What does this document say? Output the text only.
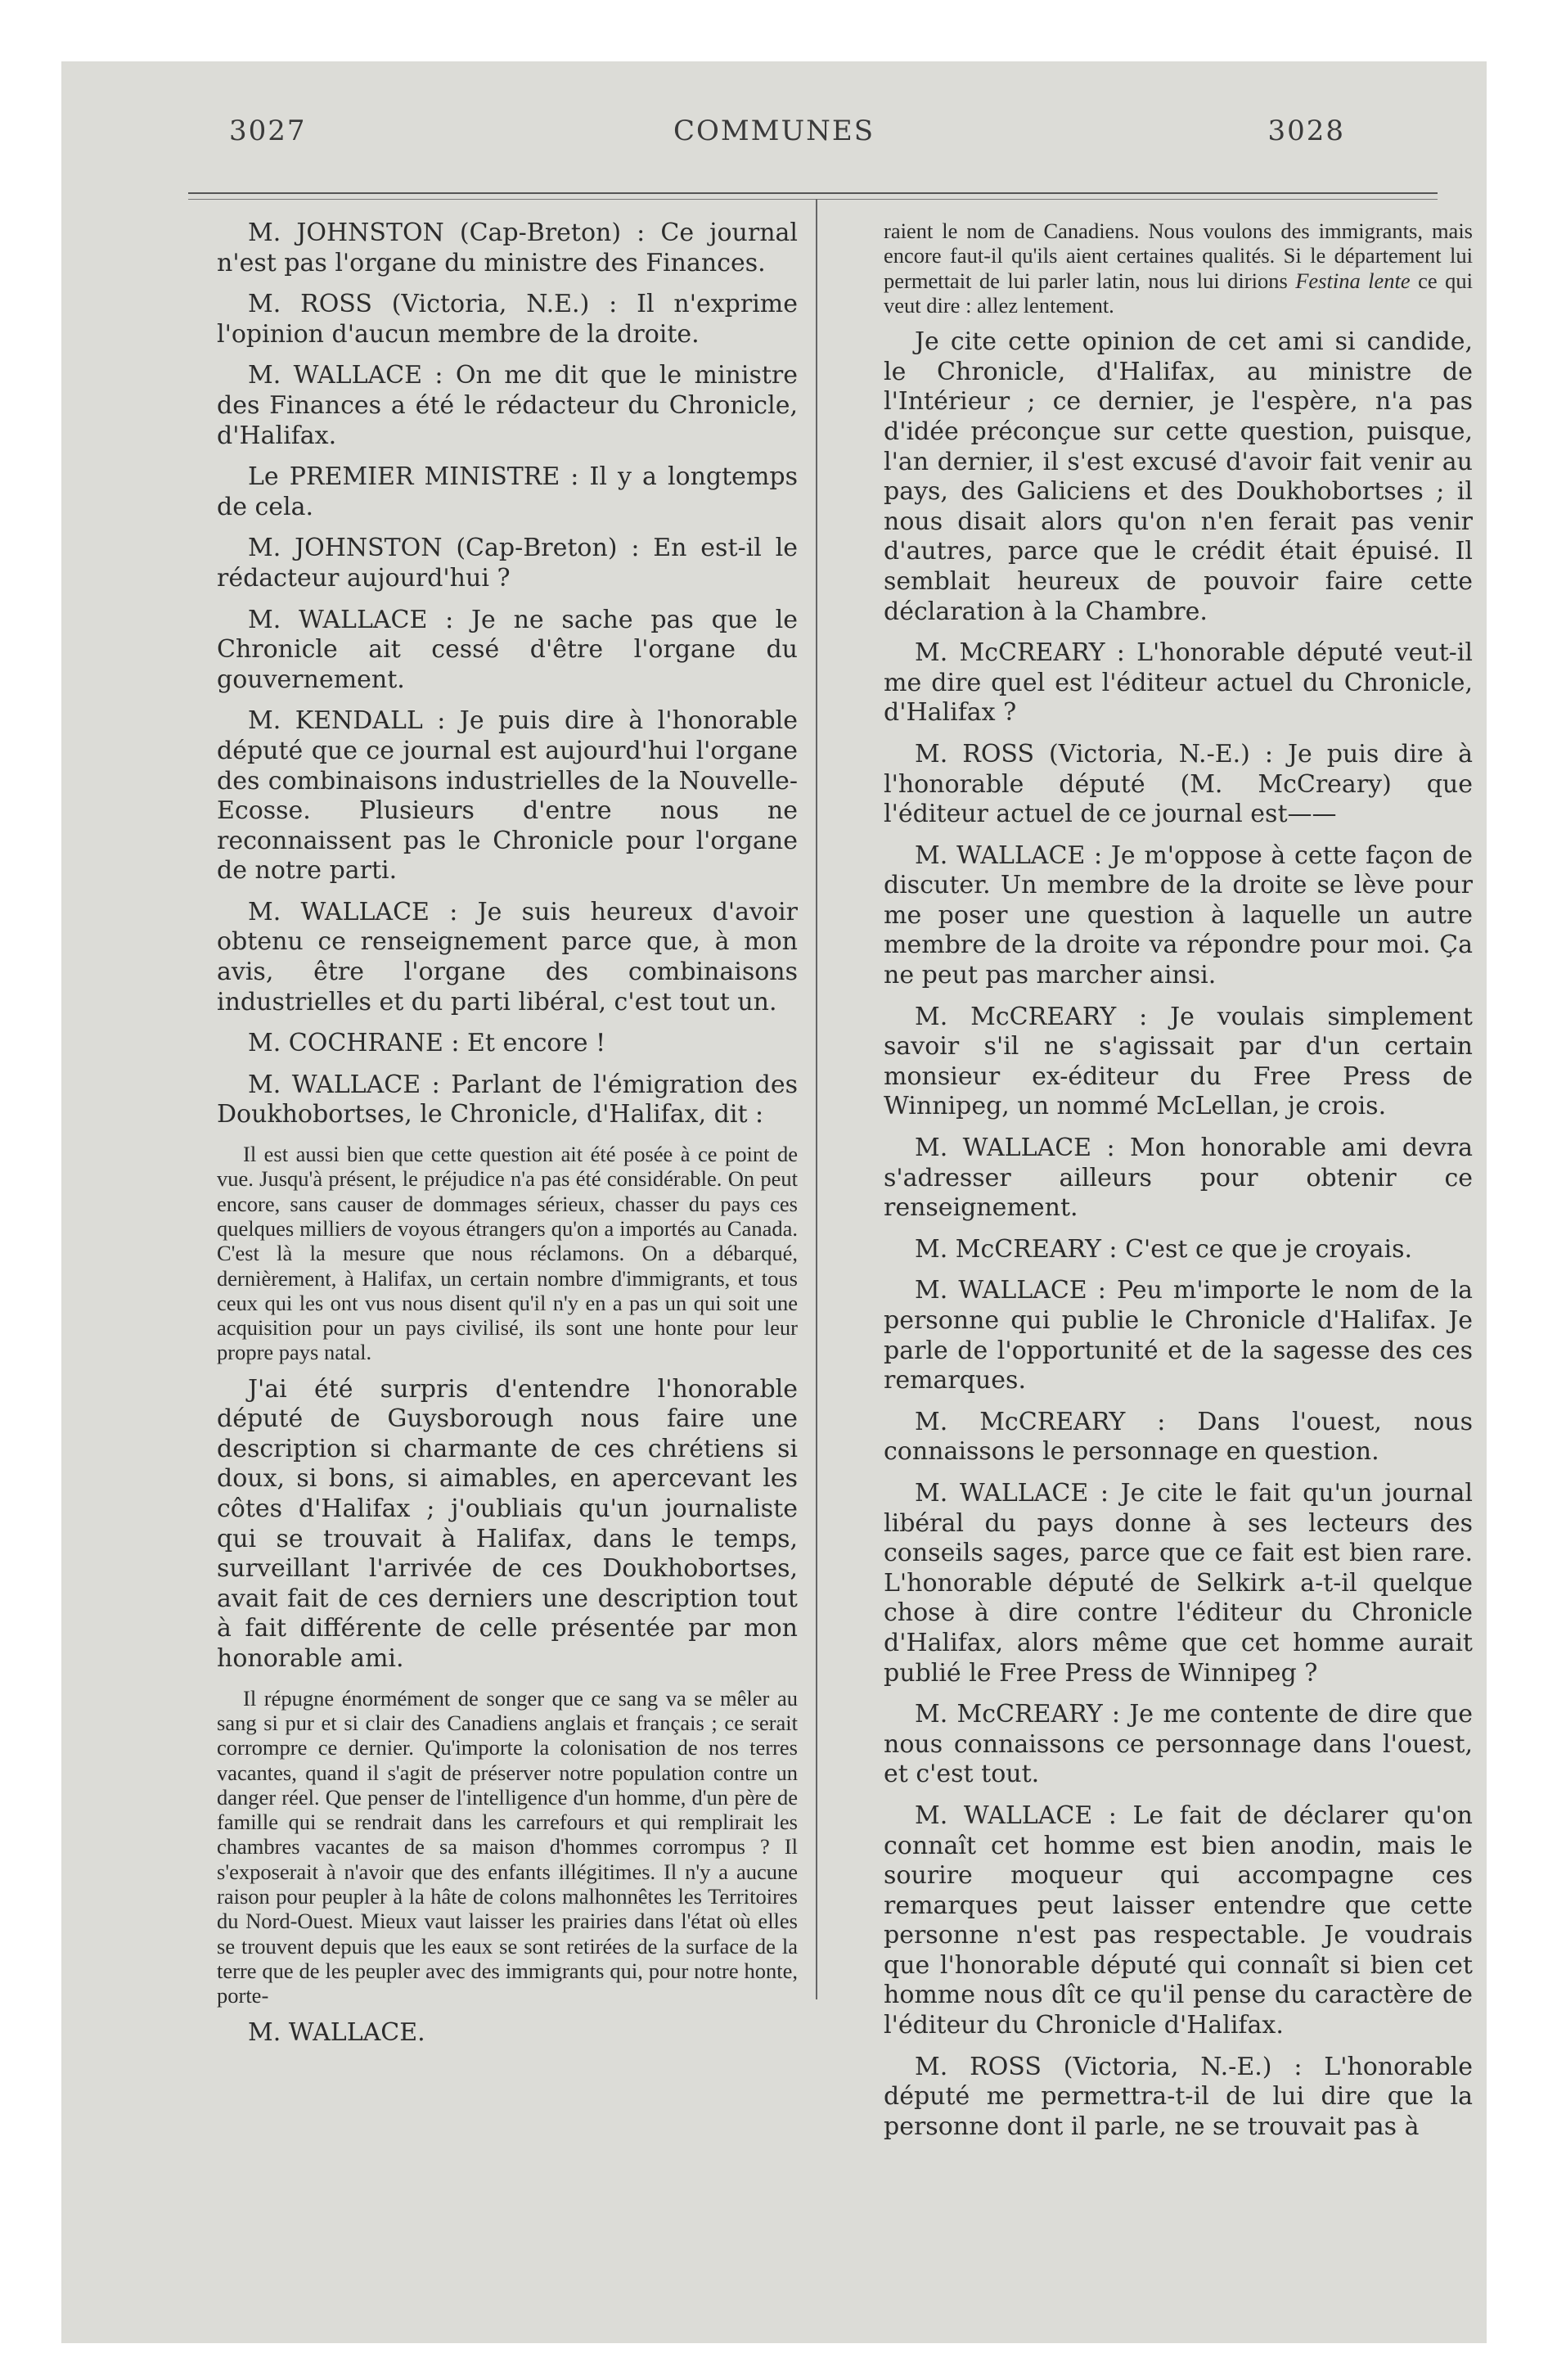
3027	COMMUNES	3028

M. JOHNSTON (Cap-Breton) : Ce journal n'est pas l'organe du ministre des Finances.

M. ROSS (Victoria, N.E.) : Il n'exprime l'opinion d'aucun membre de la droite.

M. WALLACE : On me dit que le ministre des Finances a été le rédacteur du Chronicle, d'Halifax.

Le PREMIER MINISTRE : Il y a longtemps de cela.

M. JOHNSTON (Cap-Breton) : En est-il le rédacteur aujourd'hui ?

M. WALLACE : Je ne sache pas que le Chronicle ait cessé d'être l'organe du gouvernement.

M. KENDALL : Je puis dire à l'honorable député que ce journal est aujourd'hui l'organe des combinaisons industrielles de la Nouvelle-Ecosse. Plusieurs d'entre nous ne reconnaissent pas le Chronicle pour l'organe de notre parti.

M. WALLACE : Je suis heureux d'avoir obtenu ce renseignement parce que, à mon avis, être l'organe des combinaisons industrielles et du parti libéral, c'est tout un.

M. COCHRANE : Et encore !

M. WALLACE : Parlant de l'émigration des Doukhobortses, le Chronicle, d'Halifax, dit :

Il est aussi bien que cette question ait été posée à ce point de vue. Jusqu'à présent, le préjudice n'a pas été considérable. On peut encore, sans causer de dommages sérieux, chasser du pays ces quelques milliers de voyous étrangers qu'on a importés au Canada. C'est là la mesure que nous réclamons. On a débarqué, dernièrement, à Halifax, un certain nombre d'immigrants, et tous ceux qui les ont vus nous disent qu'il n'y en a pas un qui soit une acquisition pour un pays civilisé, ils sont une honte pour leur propre pays natal.

J'ai été surpris d'entendre l'honorable député de Guysborough nous faire une description si charmante de ces chrétiens si doux, si bons, si aimables, en apercevant les côtes d'Halifax ; j'oubliais qu'un journaliste qui se trouvait à Halifax, dans le temps, surveillant l'arrivée de ces Doukhobortses, avait fait de ces derniers une description tout à fait différente de celle présentée par mon honorable ami.

Il répugne énormément de songer que ce sang va se mêler au sang si pur et si clair des Canadiens anglais et français ; ce serait corrompre ce dernier. Qu'importe la colonisation de nos terres vacantes, quand il s'agit de préserver notre population contre un danger réel. Que penser de l'intelligence d'un homme, d'un père de famille qui se rendrait dans les carrefours et qui remplirait les chambres vacantes de sa maison d'hommes corrompus ? Il s'exposerait à n'avoir que des enfants illégitimes. Il n'y a aucune raison pour peupler à la hâte de colons malhonnêtes les Territoires du Nord-Ouest. Mieux vaut laisser les prairies dans l'état où elles se trouvent depuis que les eaux se sont retirées de la surface de la terre que de les peupler avec des immigrants qui, pour notre honte, porte-

M. WALLACE.

raient le nom de Canadiens. Nous voulons des immigrants, mais encore faut-il qu'ils aient certaines qualités. Si le département lui permettait de lui parler latin, nous lui dirions Festina lente ce qui veut dire : allez lentement.

Je cite cette opinion de cet ami si candide, le Chronicle, d'Halifax, au ministre de l'Intérieur ; ce dernier, je l'espère, n'a pas d'idée préconçue sur cette question, puisque, l'an dernier, il s'est excusé d'avoir fait venir au pays, des Galiciens et des Doukhobortses ; il nous disait alors qu'on n'en ferait pas venir d'autres, parce que le crédit était épuisé. Il semblait heureux de pouvoir faire cette déclaration à la Chambre.

M. McCREARY : L'honorable député veut-il me dire quel est l'éditeur actuel du Chronicle, d'Halifax ?

M. ROSS (Victoria, N.-E.) : Je puis dire à l'honorable député (M. McCreary) que l'éditeur actuel de ce journal est——

M. WALLACE : Je m'oppose à cette façon de discuter. Un membre de la droite se lève pour me poser une question à laquelle un autre membre de la droite va répondre pour moi. Ça ne peut pas marcher ainsi.

M. McCREARY : Je voulais simplement savoir s'il ne s'agissait par d'un certain monsieur ex-éditeur du Free Press de Winnipeg, un nommé McLellan, je crois.

M. WALLACE : Mon honorable ami devra s'adresser ailleurs pour obtenir ce renseignement.

M. McCREARY : C'est ce que je croyais.

M. WALLACE : Peu m'importe le nom de la personne qui publie le Chronicle d'Halifax. Je parle de l'opportunité et de la sagesse des ces remarques.

M. McCREARY : Dans l'ouest, nous connaissons le personnage en question.

M. WALLACE : Je cite le fait qu'un journal libéral du pays donne à ses lecteurs des conseils sages, parce que ce fait est bien rare. L'honorable député de Selkirk a-t-il quelque chose à dire contre l'éditeur du Chronicle d'Halifax, alors même que cet homme aurait publié le Free Press de Winnipeg ?

M. McCREARY : Je me contente de dire que nous connaissons ce personnage dans l'ouest, et c'est tout.

M. WALLACE : Le fait de déclarer qu'on connaît cet homme est bien anodin, mais le sourire moqueur qui accompagne ces remarques peut laisser entendre que cette personne n'est pas respectable. Je voudrais que l'honorable député qui connaît si bien cet homme nous dît ce qu'il pense du caractère de l'éditeur du Chronicle d'Halifax.

M. ROSS (Victoria, N.-E.) : L'honorable député me permettra-t-il de lui dire que la personne dont il parle, ne se trouvait pas à
